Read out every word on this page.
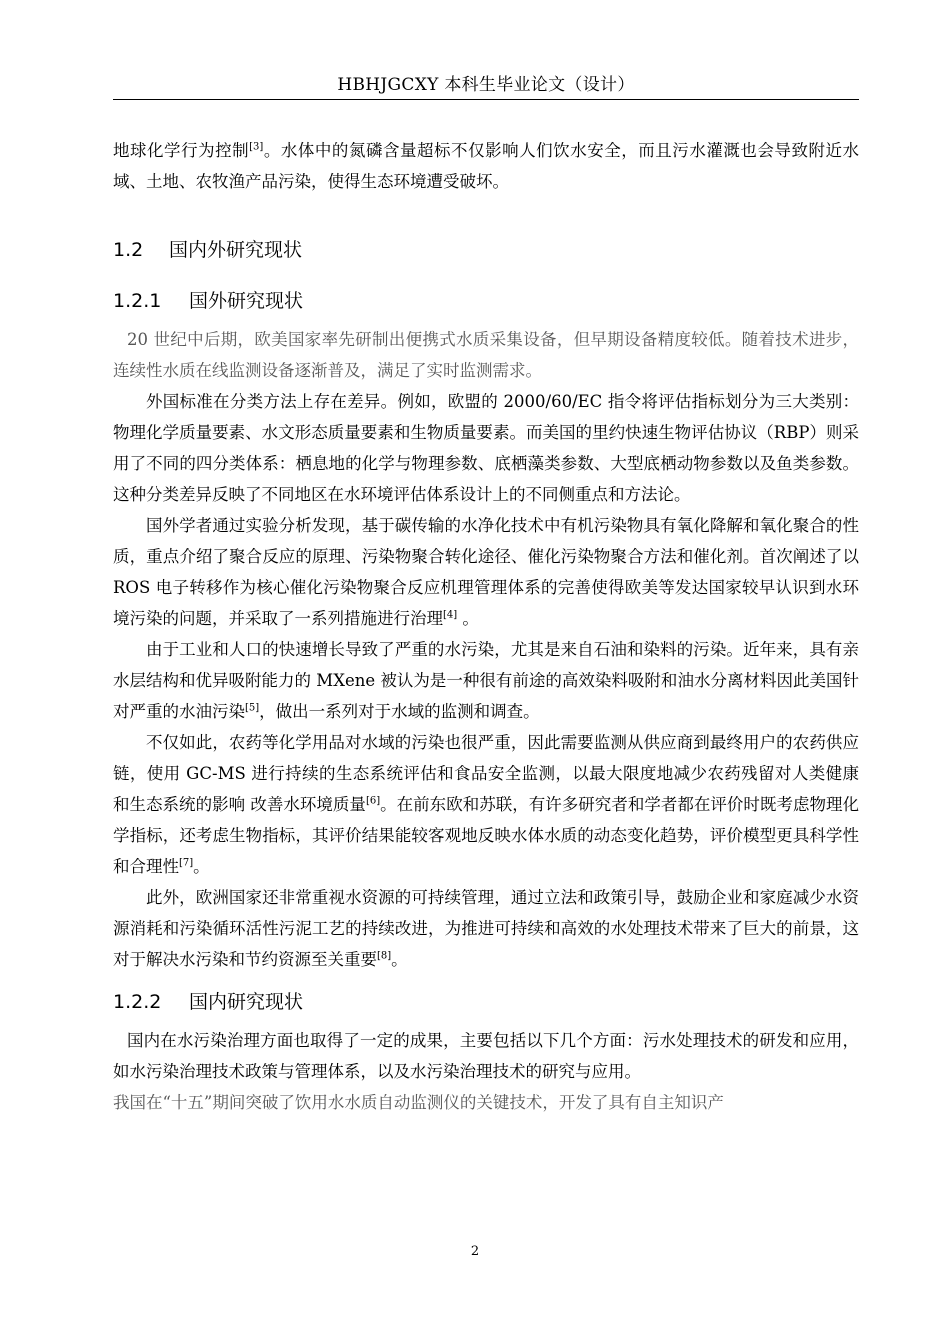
HBHJGCXY 本科生毕业论文（设计）

地球化学行为控制[3]。水体中的氮磷含量超标不仅影响人们饮水安全，而且污水灌溉也会导致附近水域、土地、农牧渔产品污染，使得生态环境遭受破坏。

1.2 国内外研究现状
1.2.1 国外研究现状

20 世纪中后期，欧美国家率先研制出便携式水质采集设备，但早期设备精度较低。随着技术进步，连续性水质在线监测设备逐渐普及，满足了实时监测需求。

外国标准在分类方法上存在差异。例如，欧盟的 2000/60/EC 指令将评估指标划分为三大类别：物理化学质量要素、水文形态质量要素和生物质量要素。而美国的里约快速生物评估协议（RBP）则采用了不同的四分类体系：栖息地的化学与物理参数、底栖藻类参数、大型底栖动物参数以及鱼类参数。这种分类差异反映了不同地区在水环境评估体系设计上的不同侧重点和方法论。

国外学者通过实验分析发现，基于碳传输的水净化技术中有机污染物具有氧化降解和氧化聚合的性质，重点介绍了聚合反应的原理、污染物聚合转化途径、催化污染物聚合方法和催化剂。首次阐述了以 ROS 电子转移作为核心催化污染物聚合反应机理管理体系的完善使得欧美等发达国家较早认识到水环境污染的问题，并采取了一系列措施进行治理[4] 。

由于工业和人口的快速增长导致了严重的水污染，尤其是来自石油和染料的污染。近年来，具有亲水层结构和优异吸附能力的 MXene 被认为是一种很有前途的高效染料吸附和油水分离材料因此美国针对严重的水油污染[5]，做出一系列对于水域的监测和调查。

不仅如此，农药等化学用品对水域的污染也很严重，因此需要监测从供应商到最终用户的农药供应链，使用 GC-MS 进行持续的生态系统评估和食品安全监测，以最大限度地减少农药残留对人类健康和生态系统的影响 改善水环境质量[6]。在前东欧和苏联，有许多研究者和学者都在评价时既考虑物理化学指标，还考虑生物指标，其评价结果能较客观地反映水体水质的动态变化趋势，评价模型更具科学性和合理性[7]。

此外，欧洲国家还非常重视水资源的可持续管理，通过立法和政策引导，鼓励企业和家庭减少水资源消耗和污染循环活性污泥工艺的持续改进，为推进可持续和高效的水处理技术带来了巨大的前景，这对于解决水污染和节约资源至关重要[8]。

1.2.2 国内研究现状

国内在水污染治理方面也取得了一定的成果，主要包括以下几个方面：污水处理技术的研发和应用，如水污染治理技术政策与管理体系，以及水污染治理技术的研究与应用。

我国在“十五”期间突破了饮用水水质自动监测仪的关键技术，开发了具有自主知识产

2
